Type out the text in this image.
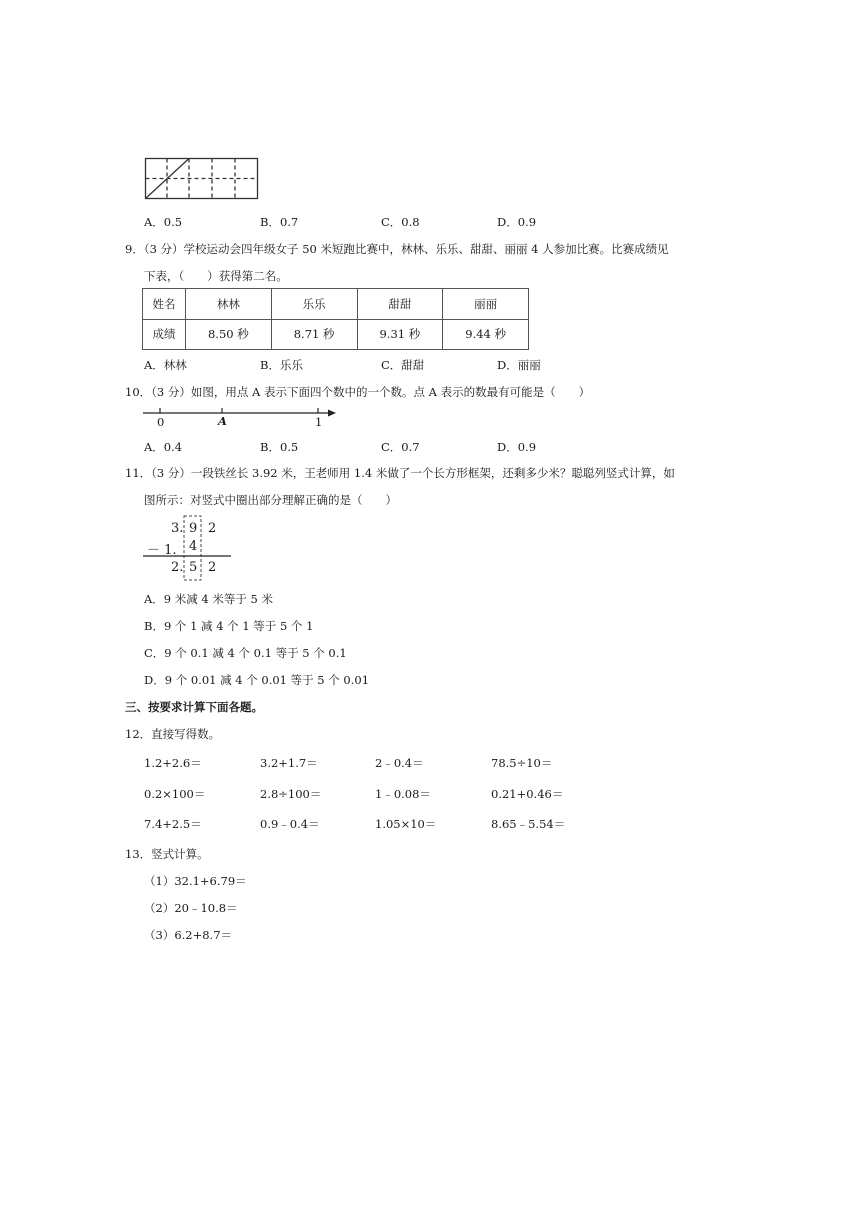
A．0.5	B．0.7	C．0.8	D．0.9
9．（3 分）学校运动会四年级女子 50 米短跑比赛中，林林、乐乐、甜甜、丽丽 4 人参加比赛。比赛成绩见
下表，（　　）获得第二名。
姓名	林林	乐乐	甜甜	丽丽
成绩	8.50 秒	8.71 秒	9.31 秒	9.44 秒
A．林林	B．乐乐	C．甜甜	D．丽丽
10．（3 分）如图，用点 A 表示下面四个数中的一个数。点 A 表示的数最有可能是（　　）
0	A	1
A．0.4	B．0.5	C．0.7	D．0.9
11．（3 分）一段铁丝长 3.92 米，王老师用 1.4 米做了一个长方形框架，还剩多少米？聪聪列竖式计算，如
图所示：对竖式中圈出部分理解正确的是（　　）
3. 9 2
－ 1. 4
2. 5 2
A．9 米减 4 米等于 5 米
B．9 个 1 减 4 个 1 等于 5 个 1
C．9 个 0.1 减 4 个 0.1 等于 5 个 0.1
D．9 个 0.01 减 4 个 0.01 等于 5 个 0.01
三、按要求计算下面各题。
12．直接写得数。
1.2+2.6＝	3.2+1.7＝	2﹣0.4＝	78.5÷10＝
0.2×100＝	2.8÷100＝	1﹣0.08＝	0.21+0.46＝
7.4+2.5＝	0.9﹣0.4＝	1.05×10＝	8.65﹣5.54＝
13．竖式计算。
（1）32.1+6.79＝
（2）20﹣10.8＝
（3）6.2+8.7＝
